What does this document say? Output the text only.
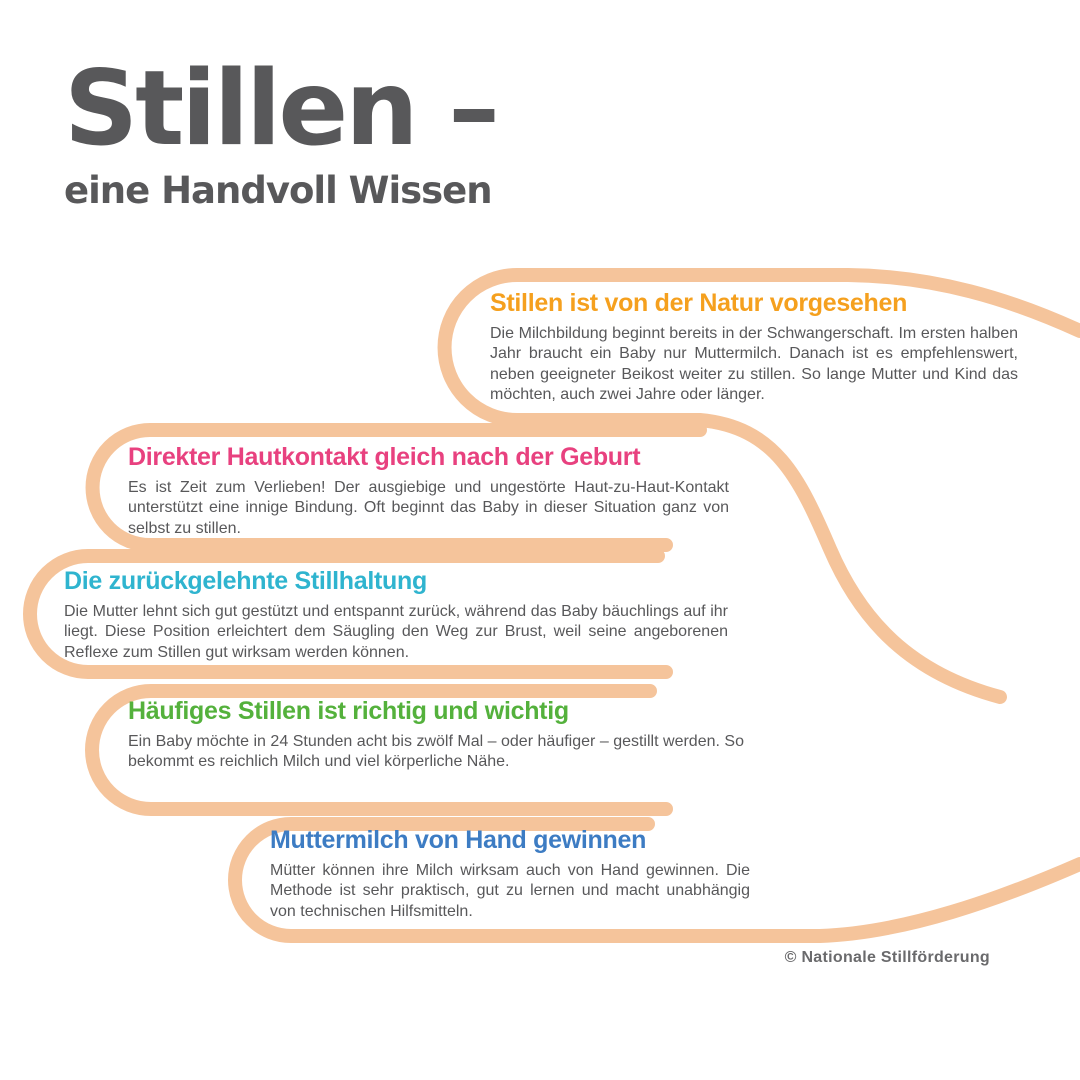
Stillen –
eine Handvoll Wissen
Stillen ist von der Natur vorgesehen

Die Milchbildung beginnt bereits in der Schwangerschaft. Im ersten halben Jahr braucht ein Baby nur Muttermilch. Danach ist es empfehlenswert, neben geeigneter Beikost weiter zu stillen. So lange Mutter und Kind das möchten, auch zwei Jahre oder länger.

Direkter Hautkontakt gleich nach der Geburt

Es ist Zeit zum Verlieben! Der ausgiebige und ungestörte Haut-zu-Haut-Kontakt unterstützt eine innige Bindung. Oft beginnt das Baby in dieser Situation ganz von selbst zu stillen.

Die zurückgelehnte Stillhaltung

Die Mutter lehnt sich gut gestützt und entspannt zurück, während das Baby bäuchlings auf ihr liegt. Diese Position erleichtert dem Säugling den Weg zur Brust, weil seine angeborenen Reflexe zum Stillen gut wirksam werden können.

Häufiges Stillen ist richtig und wichtig

Ein Baby möchte in 24 Stunden acht bis zwölf Mal – oder häufiger – gestillt werden. So bekommt es reichlich Milch und viel körperliche Nähe.

Muttermilch von Hand gewinnen

Mütter können ihre Milch wirksam auch von Hand gewinnen. Die Methode ist sehr praktisch, gut zu lernen und macht unabhängig von technischen Hilfsmitteln.

© Nationale Stillförderung
